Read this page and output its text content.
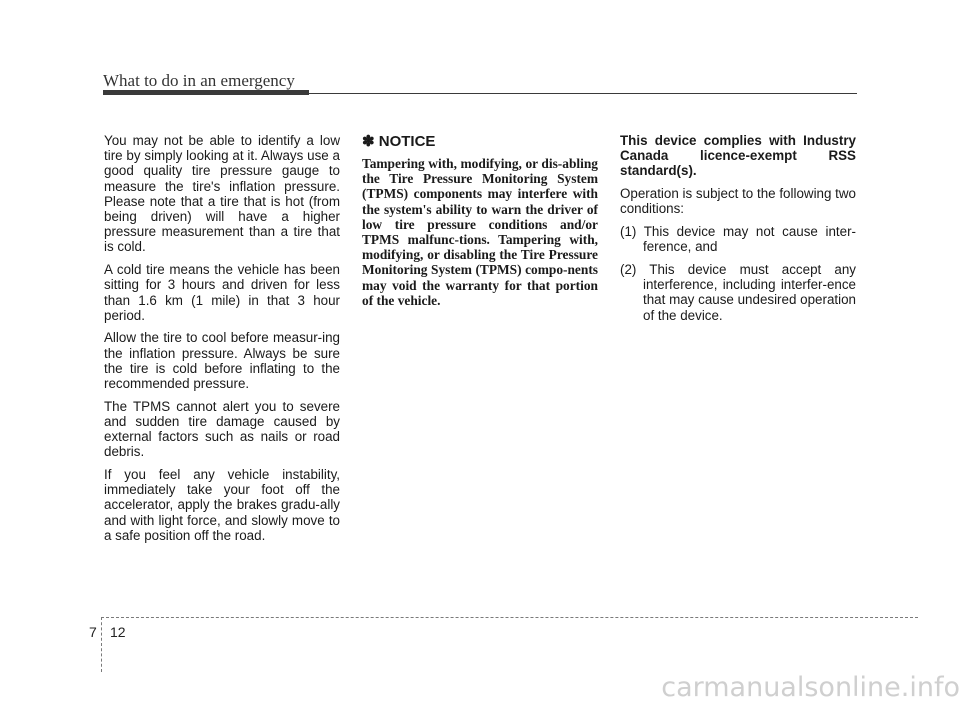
What to do in an emergency

You may not be able to identify a low tire by simply looking at it. Always use a good quality tire pressure gauge to measure the tire's inflation pressure. Please note that a tire that is hot (from being driven) will have a higher pressure measurement than a tire that is cold.

A cold tire means the vehicle has been sitting for 3 hours and driven for less than 1.6 km (1 mile) in that 3 hour period.

Allow the tire to cool before measur-ing the inflation pressure. Always be sure the tire is cold before inflating to the recommended pressure.

The TPMS cannot alert you to severe and sudden tire damage caused by external factors such as nails or road debris.

If you feel any vehicle instability, immediately take your foot off the accelerator, apply the brakes gradu-ally and with light force, and slowly move to a safe position off the road.

✽ NOTICE

Tampering with, modifying, or dis-abling the Tire Pressure Monitoring System (TPMS) components may interfere with the system's ability to warn the driver of low tire pressure conditions and/or TPMS malfunc-tions. Tampering with, modifying, or disabling the Tire Pressure Monitoring System (TPMS) compo-nents may void the warranty for that portion of the vehicle.

This device complies with Industry Canada licence-exempt RSS standard(s).

Operation is subject to the following two conditions:

(1) This device may not cause inter-ference, and

(2) This device must accept any interference, including interfer-ence that may cause undesired operation of the device.

7 12
carmanualsonline.info
